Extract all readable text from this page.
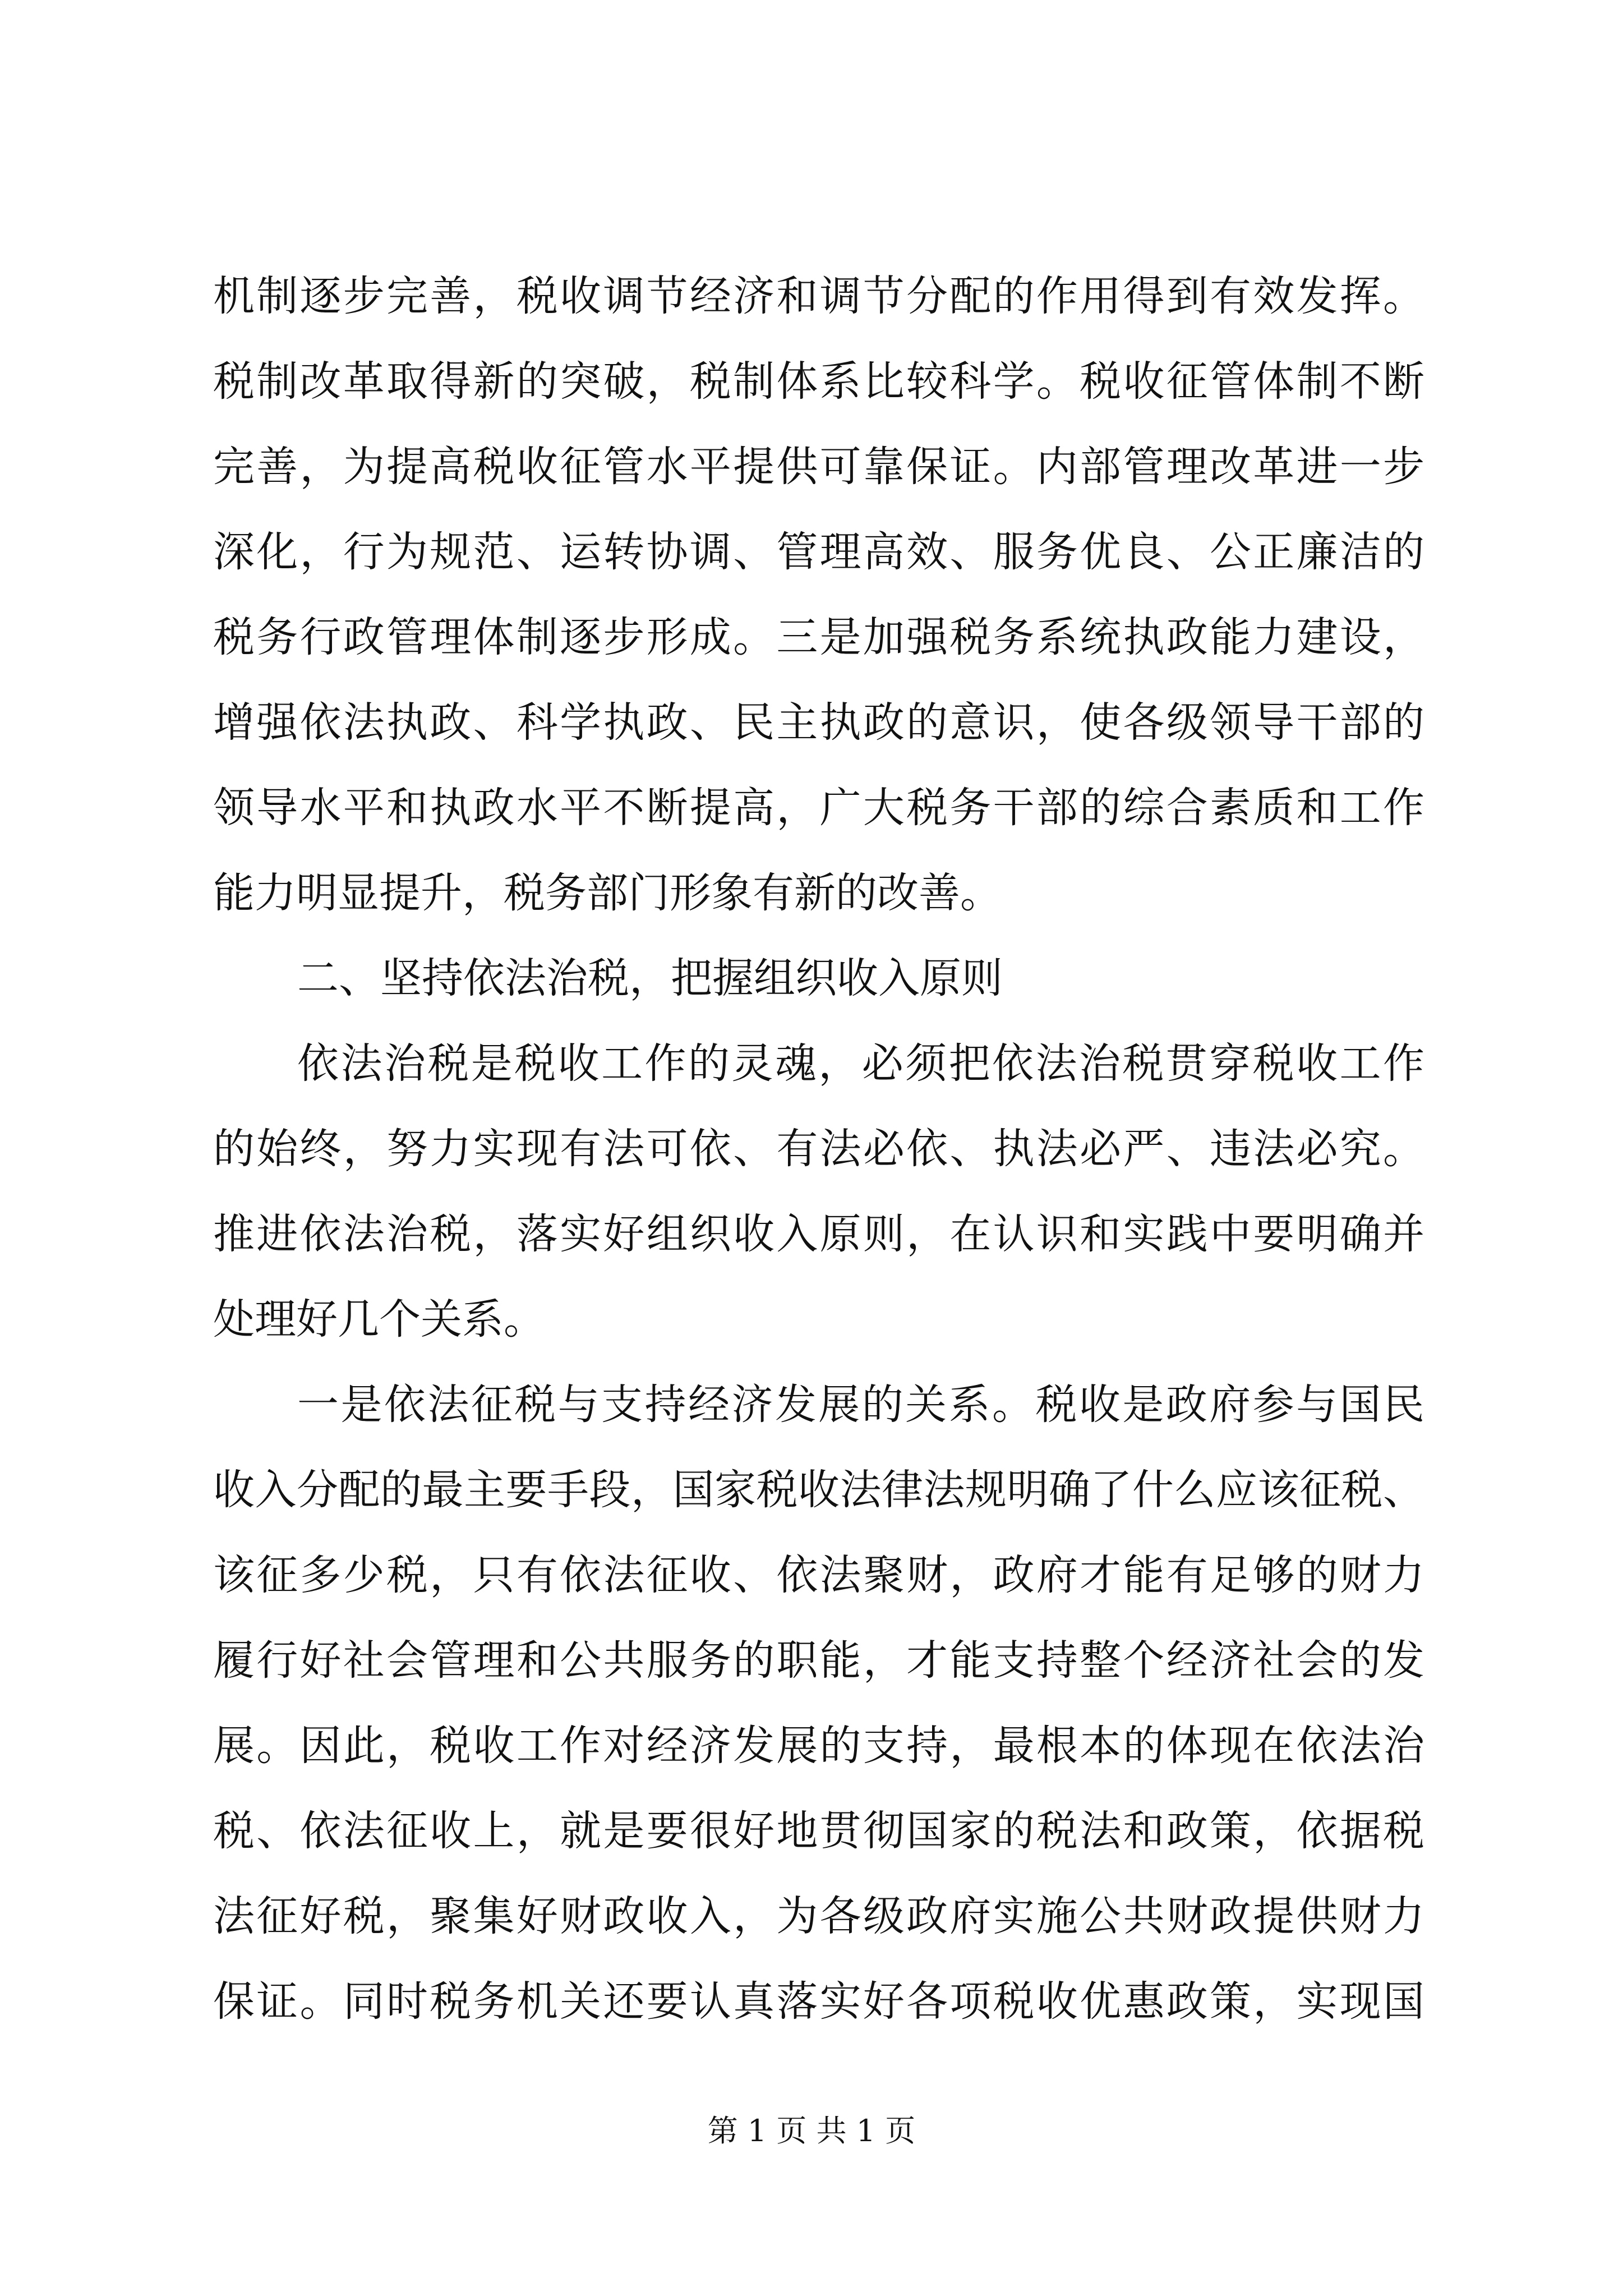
机制逐步完善，税收调节经济和调节分配的作用得到有效发挥。
税制改革取得新的突破，税制体系比较科学。税收征管体制不断
完善，为提高税收征管水平提供可靠保证。内部管理改革进一步
深化，行为规范、运转协调、管理高效、服务优良、公正廉洁的
税务行政管理体制逐步形成。三是加强税务系统执政能力建设，
增强依法执政、科学执政、民主执政的意识，使各级领导干部的
领导水平和执政水平不断提高，广大税务干部的综合素质和工作
能力明显提升，税务部门形象有新的改善。
二、坚持依法治税，把握组织收入原则
依法治税是税收工作的灵魂，必须把依法治税贯穿税收工作
的始终，努力实现有法可依、有法必依、执法必严、违法必究。
推进依法治税，落实好组织收入原则，在认识和实践中要明确并
处理好几个关系。
一是依法征税与支持经济发展的关系。税收是政府参与国民
收入分配的最主要手段，国家税收法律法规明确了什么应该征税、
该征多少税，只有依法征收、依法聚财，政府才能有足够的财力
履行好社会管理和公共服务的职能，才能支持整个经济社会的发
展。因此，税收工作对经济发展的支持，最根本的体现在依法治
税、依法征收上，就是要很好地贯彻国家的税法和政策，依据税
法征好税，聚集好财政收入，为各级政府实施公共财政提供财力
保证。同时税务机关还要认真落实好各项税收优惠政策，实现国
第 1 页 共 1 页
